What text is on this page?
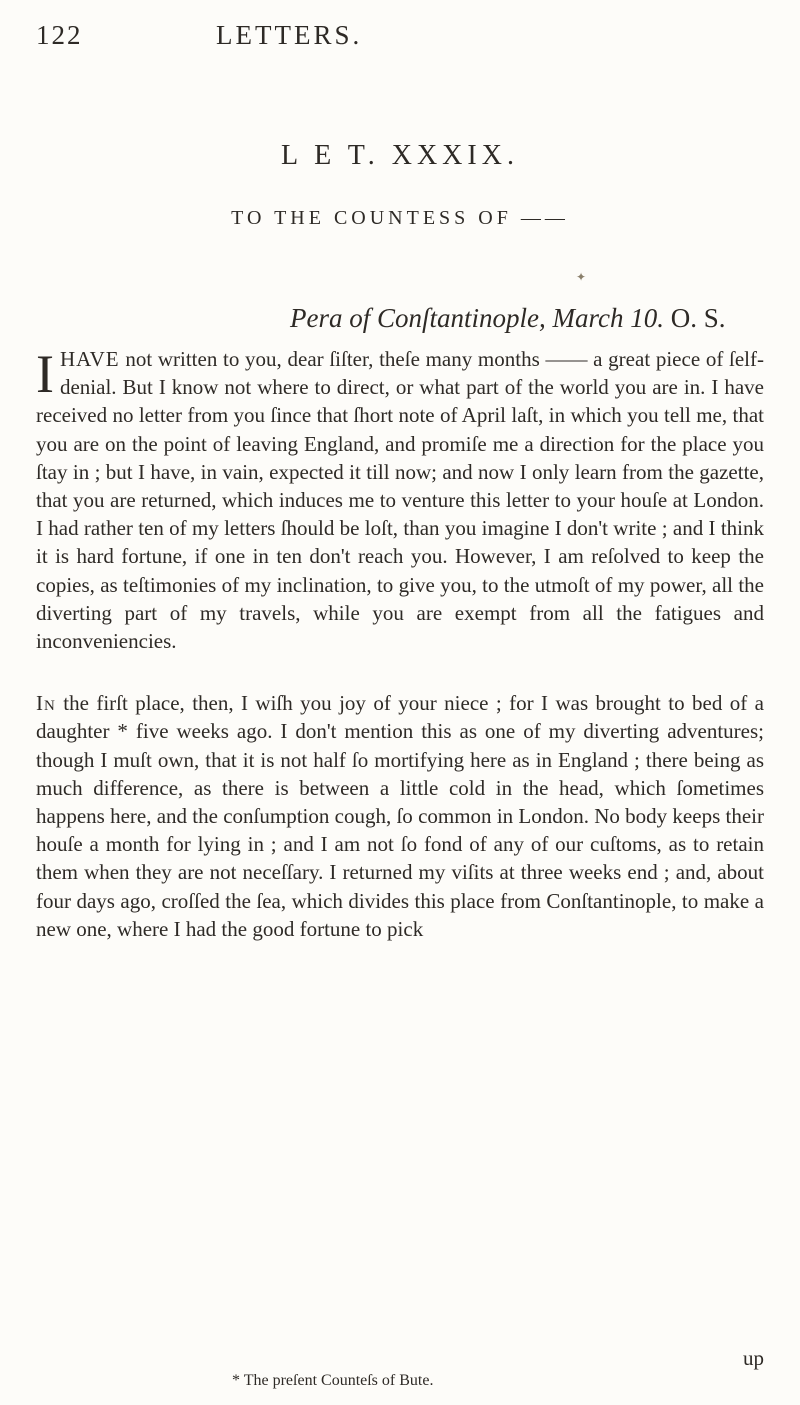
122	LETTERS.
L E T. XXXIX.
TO THE COUNTESS OF ——
✦
Pera of Conſtantinople, March 10. O. S.

I HAVE not written to you, dear ſiſter, theſe many months —— a great piece of ſelf-denial. But I know not where to direct, or what part of the world you are in. I have received no letter from you ſince that ſhort note of April laſt, in which you tell me, that you are on the point of leaving England, and promiſe me a direction for the place you ſtay in ; but I have, in vain, expected it till now; and now I only learn from the gazette, that you are returned, which induces me to venture this letter to your houſe at London. I had rather ten of my letters ſhould be loſt, than you imagine I don't write ; and I think it is hard fortune, if one in ten don't reach you. However, I am reſolved to keep the copies, as teſtimonies of my inclination, to give you, to the utmoſt of my power, all the diverting part of my travels, while you are exempt from all the fatigues and inconveniencies.

In the firſt place, then, I wiſh you joy of your niece ; for I was brought to bed of a daughter * five weeks ago. I don't mention this as one of my diverting adventures; though I muſt own, that it is not half ſo mortifying here as in England ; there being as much difference, as there is between a little cold in the head, which ſometimes happens here, and the conſumption cough, ſo common in London. No body keeps their houſe a month for lying in ; and I am not ſo fond of any of our cuſtoms, as to retain them when they are not neceſſary. I returned my viſits at three weeks end ; and, about four days ago, croſſed the ſea, which divides this place from Conſtantinople, to make a new one, where I had the good fortune to pick

up
* The preſent Counteſs of Bute.
